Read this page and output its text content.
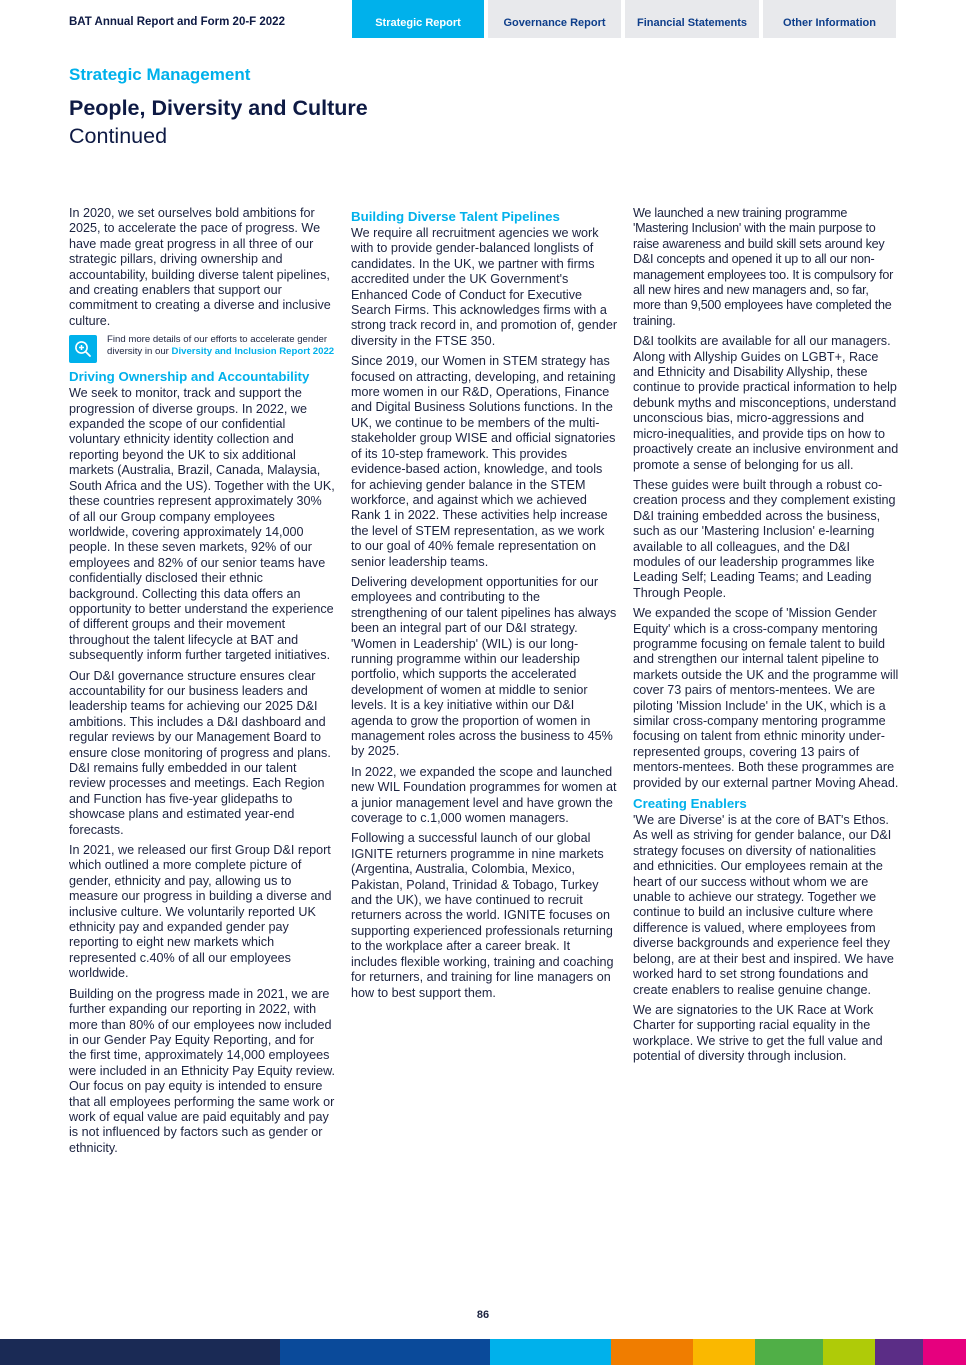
BAT Annual Report and Form 20-F 2022	Strategic Report	Governance Report	Financial Statements	Other Information
Strategic Management
People, Diversity and Culture
Continued

In 2020, we set ourselves bold ambitions for 2025, to accelerate the pace of progress. We have made great progress in all three of our strategic pillars, driving ownership and accountability, building diverse talent pipelines, and creating enablers that support our commitment to creating a diverse and inclusive culture.

Find more details of our efforts to accelerate gender diversity in our Diversity and Inclusion Report 2022
Driving Ownership and Accountability

We seek to monitor, track and support the progression of diverse groups. In 2022, we expanded the scope of our confidential voluntary ethnicity identity collection and reporting beyond the UK to six additional markets (Australia, Brazil, Canada, Malaysia, South Africa and the US). Together with the UK, these countries represent approximately 30% of all our Group company employees worldwide, covering approximately 14,000 people. In these seven markets, 92% of our employees and 82% of our senior teams have confidentially disclosed their ethnic background. Collecting this data offers an opportunity to better understand the experience of different groups and their movement throughout the talent lifecycle at BAT and subsequently inform further targeted initiatives.

Our D&I governance structure ensures clear accountability for our business leaders and leadership teams for achieving our 2025 D&I ambitions. This includes a D&I dashboard and regular reviews by our Management Board to ensure close monitoring of progress and plans. D&I remains fully embedded in our talent review processes and meetings. Each Region and Function has five-year glidepaths to showcase plans and estimated year-end forecasts.

In 2021, we released our first Group D&I report which outlined a more complete picture of gender, ethnicity and pay, allowing us to measure our progress in building a diverse and inclusive culture. We voluntarily reported UK ethnicity pay and expanded gender pay reporting to eight new markets which represented c.40% of all our employees worldwide.

Building on the progress made in 2021, we are further expanding our reporting in 2022, with more than 80% of our employees now included in our Gender Pay Equity Reporting, and for the first time, approximately 14,000 employees were included in an Ethnicity Pay Equity review. Our focus on pay equity is intended to ensure that all employees performing the same work or work of equal value are paid equitably and pay is not influenced by factors such as gender or ethnicity.

Building Diverse Talent Pipelines

We require all recruitment agencies we work with to provide gender-balanced longlists of candidates. In the UK, we partner with firms accredited under the UK Government's Enhanced Code of Conduct for Executive Search Firms. This acknowledges firms with a strong track record in, and promotion of, gender diversity in the FTSE 350.

Since 2019, our Women in STEM strategy has focused on attracting, developing, and retaining more women in our R&D, Operations, Finance and Digital Business Solutions functions. In the UK, we continue to be members of the multi-stakeholder group WISE and official signatories of its 10-step framework. This provides evidence-based action, knowledge, and tools for achieving gender balance in the STEM workforce, and against which we achieved Rank 1 in 2022. These activities help increase the level of STEM representation, as we work to our goal of 40% female representation on senior leadership teams.

Delivering development opportunities for our employees and contributing to the strengthening of our talent pipelines has always been an integral part of our D&I strategy. 'Women in Leadership' (WIL) is our long-running programme within our leadership portfolio, which supports the accelerated development of women at middle to senior levels. It is a key initiative within our D&I agenda to grow the proportion of women in management roles across the business to 45% by 2025.

In 2022, we expanded the scope and launched new WIL Foundation programmes for women at a junior management level and have grown the coverage to c.1,000 women managers.

Following a successful launch of our global IGNITE returners programme in nine markets (Argentina, Australia, Colombia, Mexico, Pakistan, Poland, Trinidad & Tobago, Turkey and the UK), we have continued to recruit returners across the world. IGNITE focuses on supporting experienced professionals returning to the workplace after a career break. It includes flexible working, training and coaching for returners, and training for line managers on how to best support them.

We launched a new training programme 'Mastering Inclusion' with the main purpose to raise awareness and build skill sets around key D&I concepts and opened it up to all our non-management employees too. It is compulsory for all new hires and new managers and, so far, more than 9,500 employees have completed the training.

D&I toolkits are available for all our managers. Along with Allyship Guides on LGBT+, Race and Ethnicity and Disability Allyship, these continue to provide practical information to help debunk myths and misconceptions, understand unconscious bias, micro-aggressions and micro-inequalities, and provide tips on how to proactively create an inclusive environment and promote a sense of belonging for us all.

These guides were built through a robust co-creation process and they complement existing D&I training embedded across the business, such as our 'Mastering Inclusion' e-learning available to all colleagues, and the D&I modules of our leadership programmes like Leading Self; Leading Teams; and Leading Through People.

We expanded the scope of 'Mission Gender Equity' which is a cross-company mentoring programme focusing on female talent to build and strengthen our internal talent pipeline to markets outside the UK and the programme will cover 73 pairs of mentors-mentees. We are piloting 'Mission Include' in the UK, which is a similar cross-company mentoring programme focusing on talent from ethnic minority under-represented groups, covering 13 pairs of mentors-mentees. Both these programmes are provided by our external partner Moving Ahead.

Creating Enablers

'We are Diverse' is at the core of BAT's Ethos. As well as striving for gender balance, our D&I strategy focuses on diversity of nationalities and ethnicities. Our employees remain at the heart of our success without whom we are unable to achieve our strategy. Together we continue to build an inclusive culture where difference is valued, where employees from diverse backgrounds and experience feel they belong, are at their best and inspired. We have worked hard to set strong foundations and create enablers to realise genuine change.

We are signatories to the UK Race at Work Charter for supporting racial equality in the workplace. We strive to get the full value and potential of diversity through inclusion.

86
